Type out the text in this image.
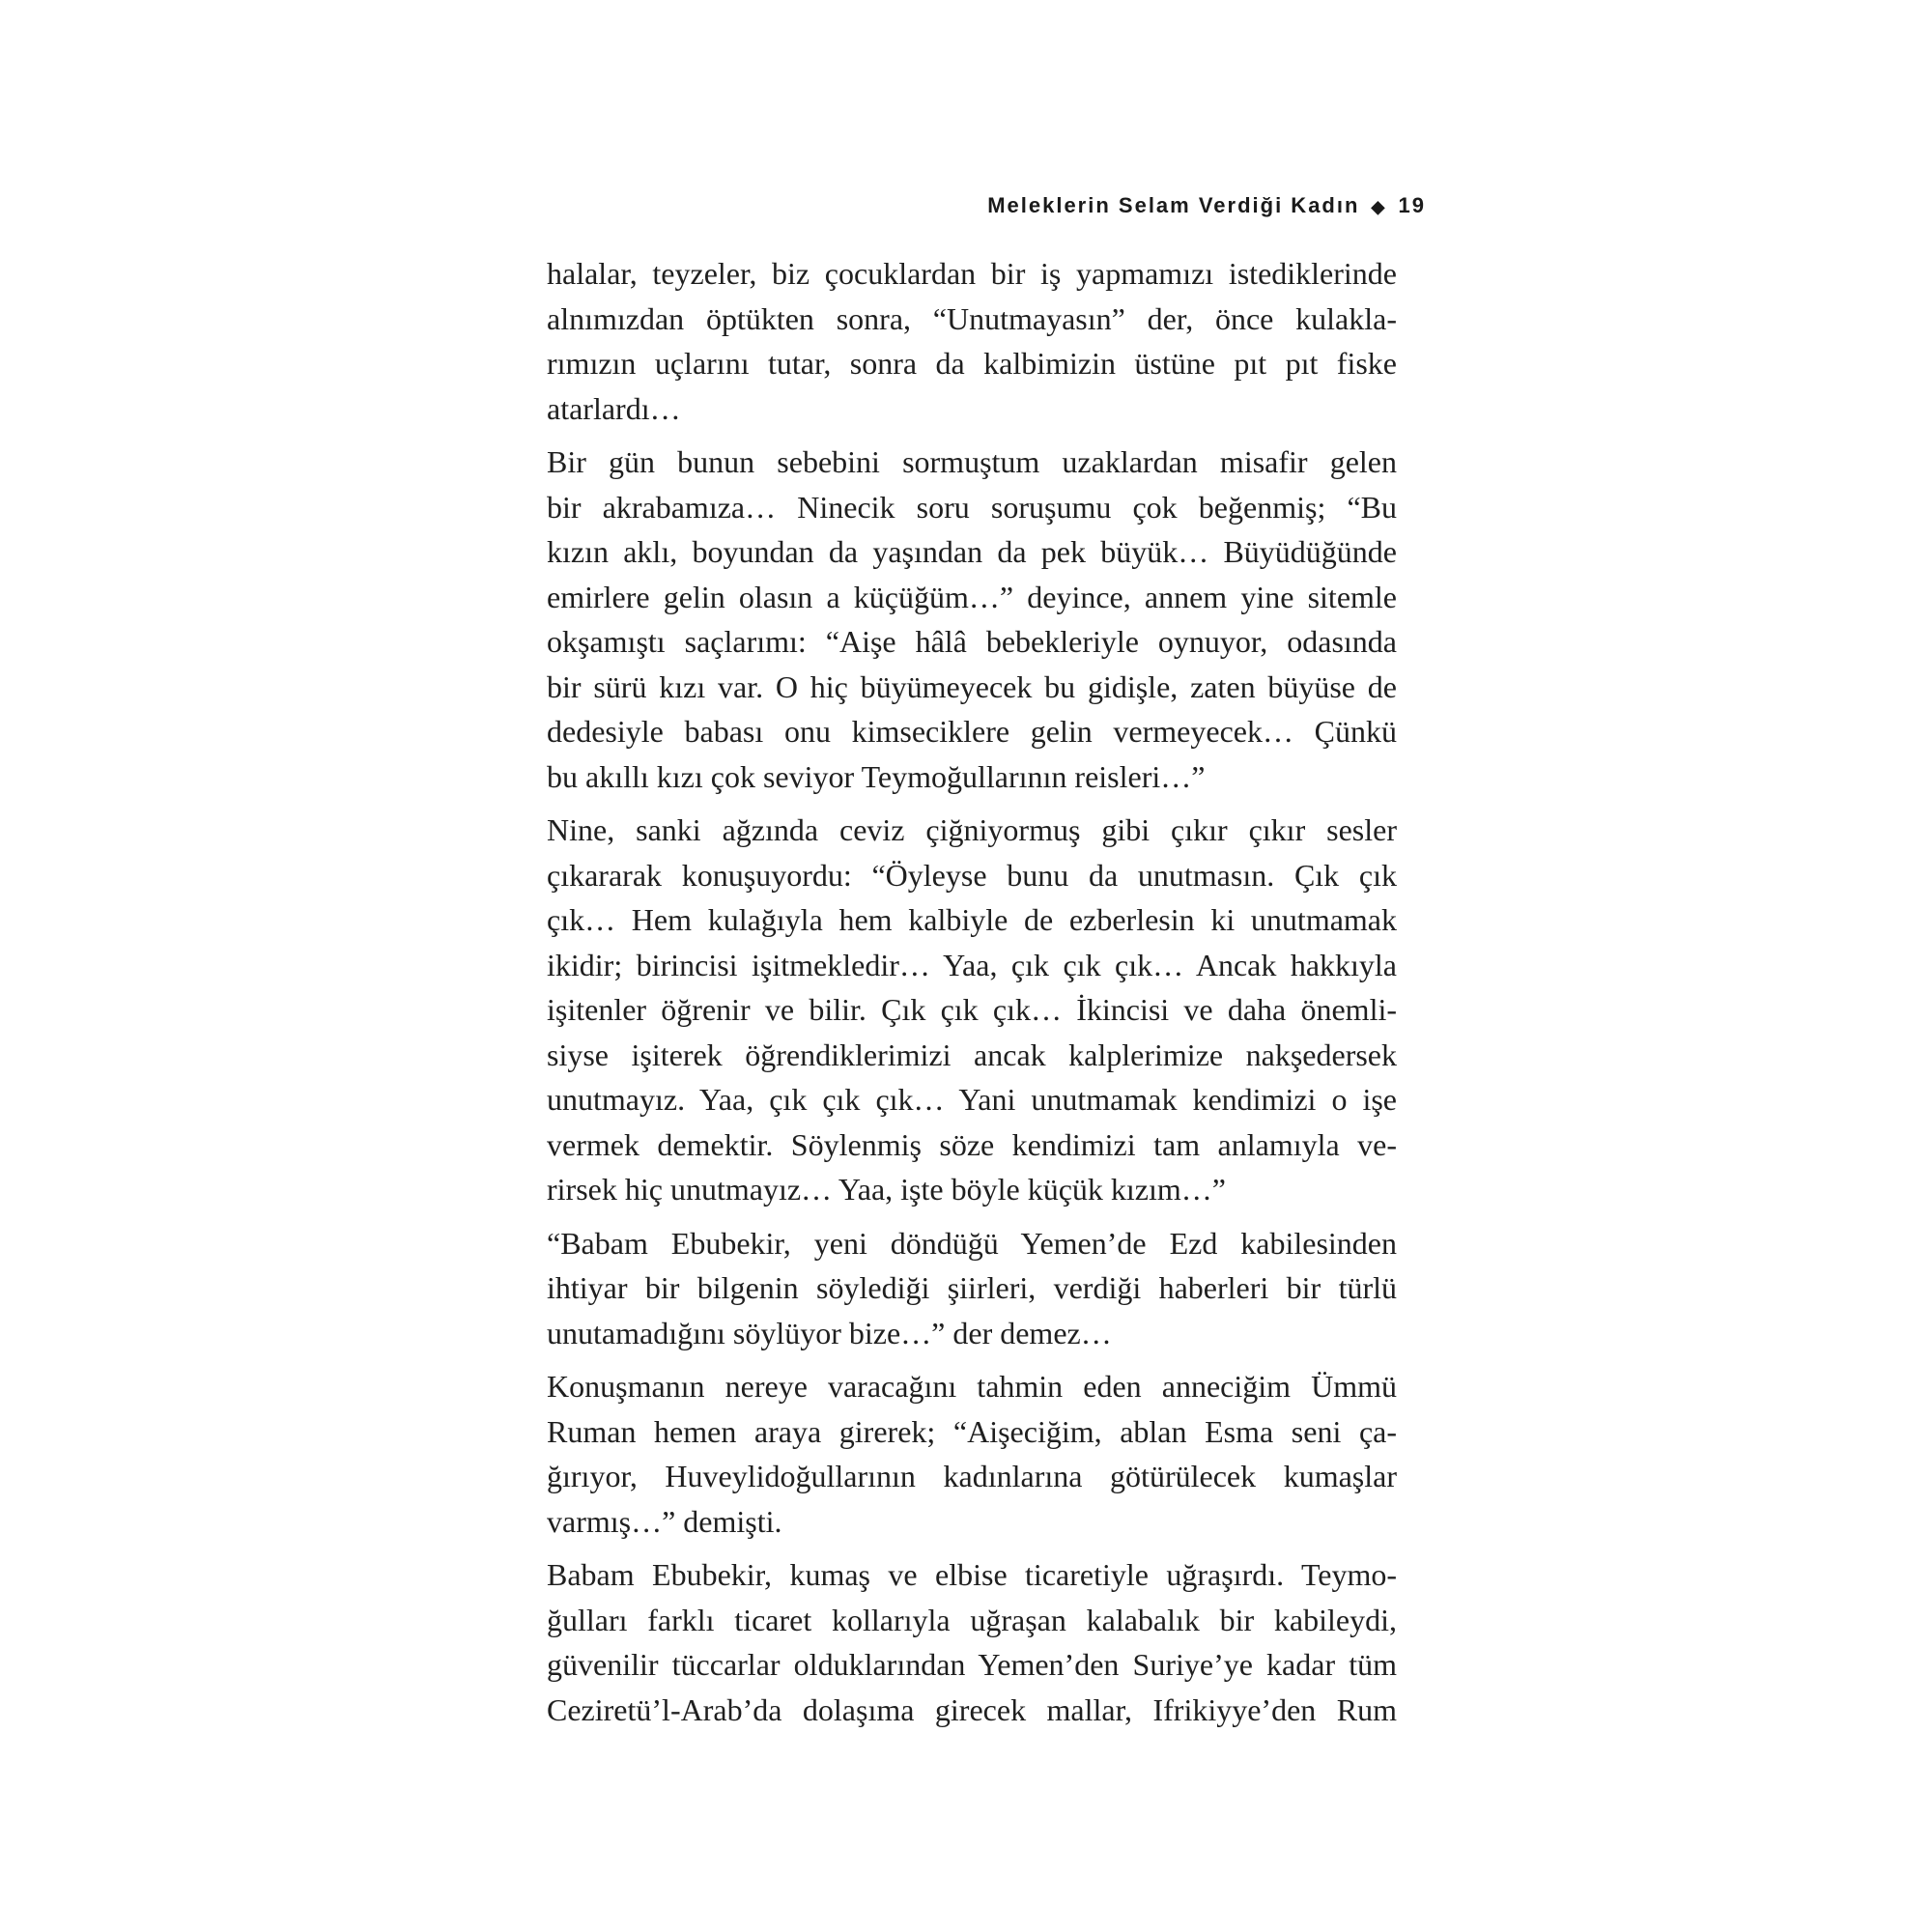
Meleklerin Selam Verdiği Kadın ◆ 19
halalar, teyzeler, biz çocuklardan bir iş yapmamızı istediklerinde
alnımızdan öptükten sonra, “Unutmayasın” der, önce kulakla-
rımızın uçlarını tutar, sonra da kalbimizin üstüne pıt pıt fiske
atarlardı…
Bir gün bunun sebebini sormuştum uzaklardan misafir gelen
bir akrabamıza… Ninecik soru soruşumu çok beğenmiş; “Bu
kızın aklı, boyundan da yaşından da pek büyük… Büyüdüğünde
emirlere gelin olasın a küçüğüm…” deyince, annem yine sitemle
okşamıştı saçlarımı: “Aişe hâlâ bebekleriyle oynuyor, odasında
bir sürü kızı var. O hiç büyümeyecek bu gidişle, zaten büyüse de
dedesiyle babası onu kimseciklere gelin vermeyecek… Çünkü
bu akıllı kızı çok seviyor Teymoğullarının reisleri…”
Nine, sanki ağzında ceviz çiğniyormuş gibi çıkır çıkır sesler
çıkararak konuşuyordu: “Öyleyse bunu da unutmasın. Çık çık
çık… Hem kulağıyla hem kalbiyle de ezberlesin ki unutmamak
ikidir; birincisi işitmekledir… Yaa, çık çık çık… Ancak hakkıyla
işitenler öğrenir ve bilir. Çık çık çık… İkincisi ve daha önemli-
siyse işiterek öğrendiklerimizi ancak kalplerimize nakşedersek
unutmayız. Yaa, çık çık çık… Yani unutmamak kendimizi o işe
vermek demektir. Söylenmiş söze kendimizi tam anlamıyla ve-
rirsek hiç unutmayız… Yaa, işte böyle küçük kızım…”
“Babam Ebubekir, yeni döndüğü Yemen’de Ezd kabilesinden
ihtiyar bir bilgenin söylediği şiirleri, verdiği haberleri bir türlü
unutamadığını söylüyor bize…” der demez…
Konuşmanın nereye varacağını tahmin eden anneciğim Ümmü
Ruman hemen araya girerek; “Aişeciğim, ablan Esma seni ça-
ğırıyor, Huveylidoğullarının kadınlarına götürülecek kumaşlar
varmış…” demişti.
Babam Ebubekir, kumaş ve elbise ticaretiyle uğraşırdı. Teymo-
ğulları farklı ticaret kollarıyla uğraşan kalabalık bir kabileydi,
güvenilir tüccarlar olduklarından Yemen’den Suriye’ye kadar tüm
Ceziretü’l-Arab’da dolaşıma girecek mallar, Ifrikiyye’den Rum
